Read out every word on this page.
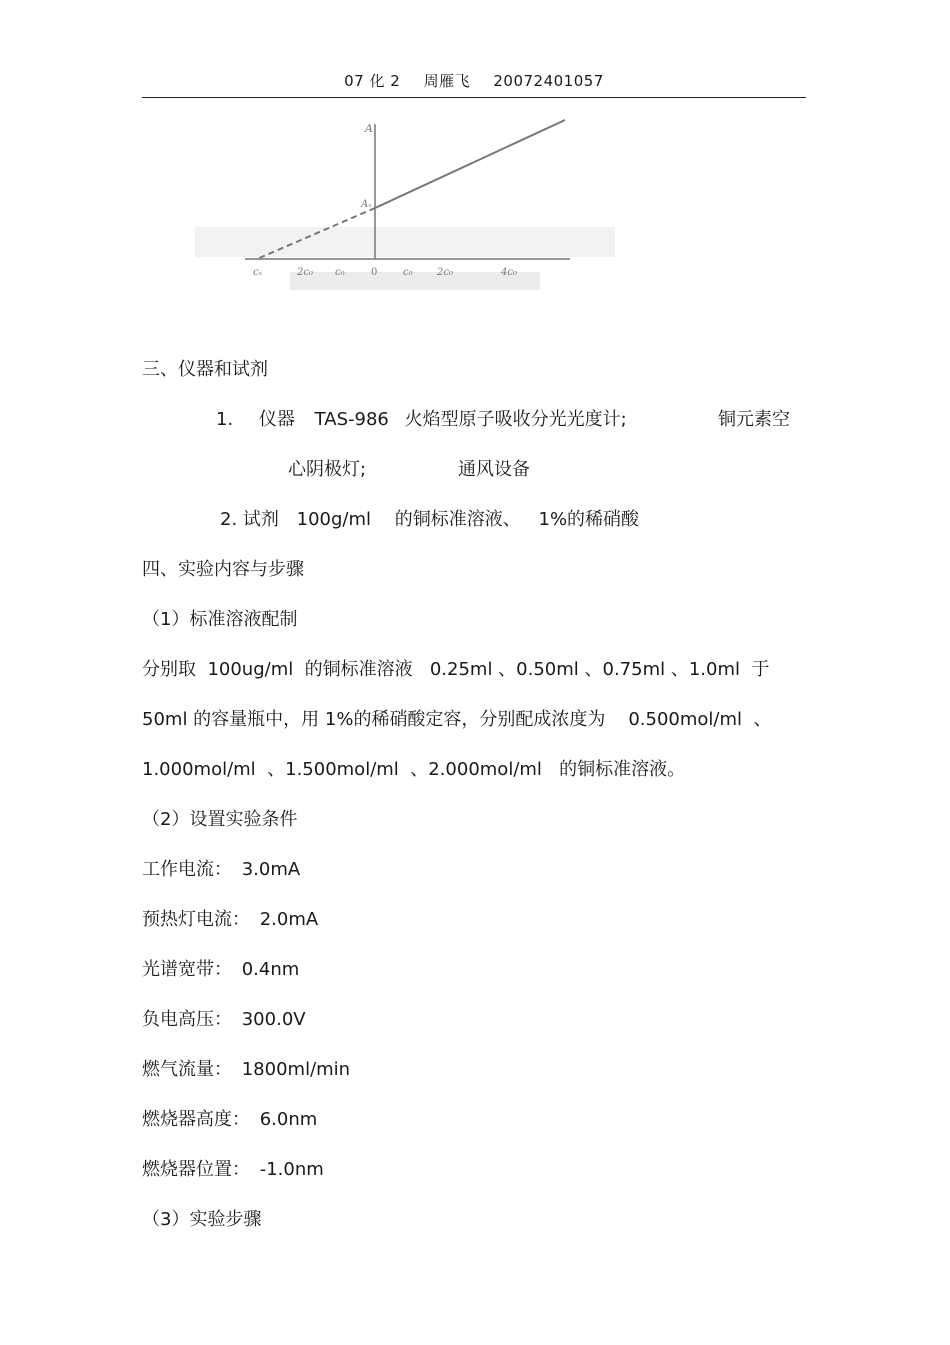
07 化 2 周雁飞 20072401057
A
Aₓ
cₓ	2c₀ c₀	0	c₀ 2c₀	4c₀
三、仪器和试剂
1. 仪器 TAS-986 火焰型原子吸收分光光度计;	铜元素空
心阴极灯;	通风设备
2. 试剂 100g/ml 的铜标准溶液、 1%的稀硝酸
四、实验内容与步骤
（1）标准溶液配制
分别取  100ug/ml  的铜标准溶液   0.25ml 、0.50ml 、0.75ml 、1.0ml  于
50ml 的容量瓶中，用 1%的稀硝酸定容，分别配成浓度为    0.500mol/ml  、
1.000mol/ml  、1.500mol/ml  、2.000mol/ml   的铜标准溶液。
（2）设置实验条件
工作电流： 3.0mA
预热灯电流： 2.0mA
光谱宽带： 0.4nm
负电高压： 300.0V
燃气流量： 1800ml/min
燃烧器高度： 6.0nm
燃烧器位置： -1.0nm
（3）实验步骤
